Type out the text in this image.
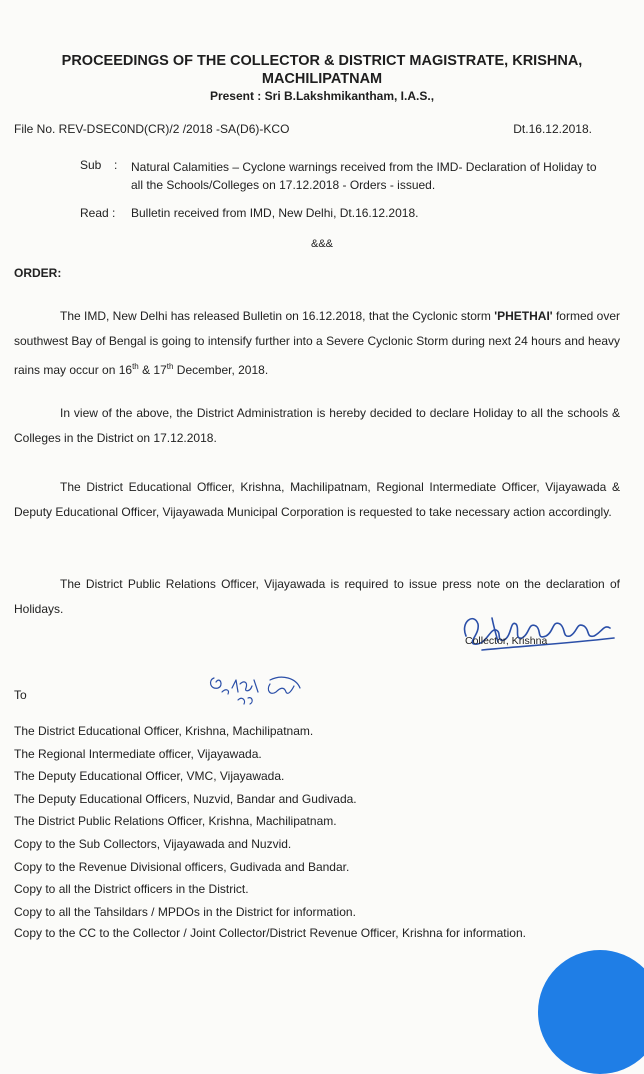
PROCEEDINGS OF THE COLLECTOR & DISTRICT MAGISTRATE, KRISHNA,
MACHILIPATNAM
Present : Sri B.Lakshmikantham, I.A.S.,
File No. REV-DSEC0ND(CR)/2 /2018 -SA(D6)-KCO	Dt.16.12.2018.
Sub : Natural Calamities – Cyclone warnings received from the IMD- Declaration of Holiday to all the Schools/Colleges on 17.12.2018 - Orders - issued.
Read : Bulletin received from IMD, New Delhi, Dt.16.12.2018.
&&&
ORDER:
The IMD, New Delhi has released Bulletin on 16.12.2018, that the Cyclonic storm 'PHETHAI' formed over southwest Bay of Bengal is going to intensify further into a Severe Cyclonic Storm during next 24 hours and heavy rains may occur on 16th & 17th December, 2018.
In view of the above, the District Administration is hereby decided to declare Holiday to all the schools & Colleges in the District on 17.12.2018.
The District Educational Officer, Krishna, Machilipatnam, Regional Intermediate Officer, Vijayawada & Deputy Educational Officer, Vijayawada Municipal Corporation is requested to take necessary action accordingly.
The District Public Relations Officer, Vijayawada is required to issue press note on the declaration of Holidays.
Collector, Krishna
To
The District Educational Officer, Krishna, Machilipatnam.
The Regional Intermediate officer, Vijayawada.
The Deputy Educational Officer, VMC, Vijayawada.
The Deputy Educational Officers, Nuzvid, Bandar and Gudivada.
The District Public Relations Officer, Krishna, Machilipatnam.
Copy to the Sub Collectors, Vijayawada and Nuzvid.
Copy to the Revenue Divisional officers, Gudivada and Bandar.
Copy to all the District officers in the District.
Copy to all the Tahsildars / MPDOs in the District for information.
Copy to the CC to the Collector / Joint Collector/District Revenue Officer, Krishna for information.
